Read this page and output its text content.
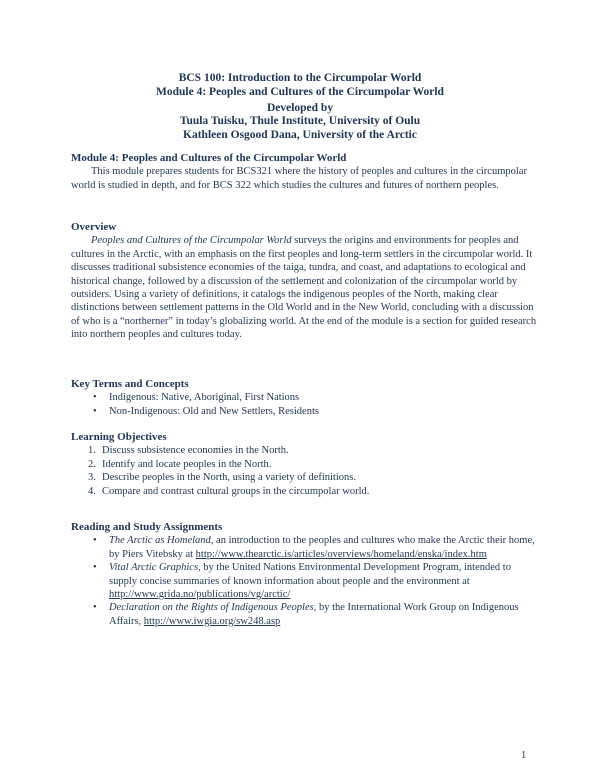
BCS 100: Introduction to the Circumpolar World
Module 4: Peoples and Cultures of the Circumpolar World
Developed by
Tuula Tuisku, Thule Institute, University of Oulu
Kathleen Osgood Dana, University of the Arctic
Module 4: Peoples and Cultures of the Circumpolar World

This module prepares students for BCS321 where the history of peoples and cultures in the circumpolar world is studied in depth, and for BCS 322 which studies the cultures and futures of northern peoples.

Overview

Peoples and Cultures of the Circumpolar World surveys the origins and environments for peoples and cultures in the Arctic, with an emphasis on the first peoples and long-term settlers in the circumpolar world. It discusses traditional subsistence economies of the taiga, tundra, and coast, and adaptations to ecological and historical change, followed by a discussion of the settlement and colonization of the circumpolar world by outsiders. Using a variety of definitions, it catalogs the indigenous peoples of the North, making clear distinctions between settlement patterns in the Old World and in the New World, concluding with a discussion of who is a “northerner” in today’s globalizing world. At the end of the module is a section for guided research into northern peoples and cultures today.

Key Terms and Concepts
• Indigenous: Native, Aboriginal, First Nations
• Non-Indigenous: Old and New Settlers, Residents
Learning Objectives
1. Discuss subsistence economies in the North.
2. Identify and locate peoples in the North.
3. Describe peoples in the North, using a variety of definitions.
4. Compare and contrast cultural groups in the circumpolar world.
Reading and Study Assignments
• The Arctic as Homeland, an introduction to the peoples and cultures who make the Arctic their home, by Piers Vitebsky at http://www.thearctic.is/articles/overviews/homeland/enska/index.htm
• Vital Arctic Graphics, by the United Nations Environmental Development Program, intended to supply concise summaries of known information about people and the environment at http://www.grida.no/publications/vg/arctic/
• Declaration on the Rights of Indigenous Peoples, by the International Work Group on Indigenous Affairs, http://www.iwgia.org/sw248.asp
1
